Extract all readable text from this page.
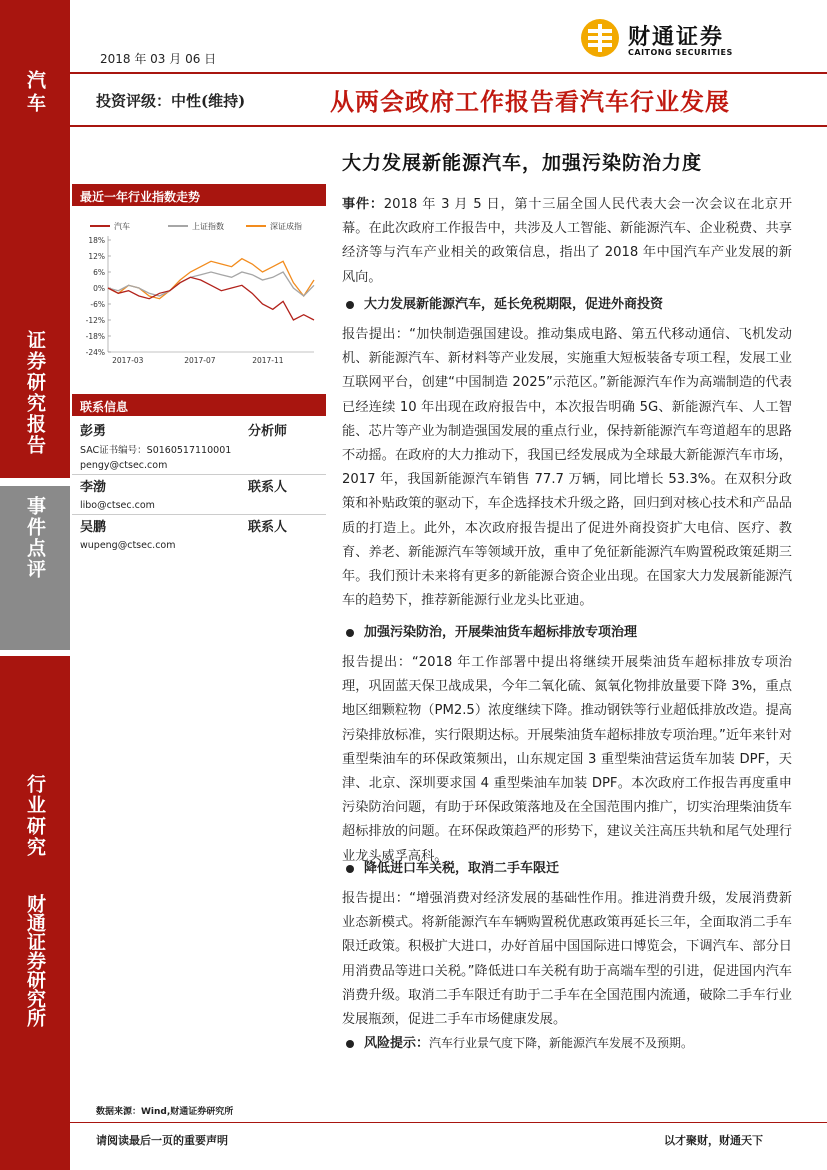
汽车
证券研究报告
事件点评
行业研究
财通证券研究所
2018 年 03 月 06 日
财通证券
CAITONG SECURITIES
投资评级：中性(维持)	从两会政府工作报告看汽车行业发展
大力发展新能源汽车，加强污染防治力度
最近一年行业指数走势
汽车	上证指数	深证成指
18%
12%
6%
0%
-6%
-12%
-18%
-24%
2017-03	2017-07	2017-11
联系信息
彭勇	分析师
SAC证书编号：S0160517110001
pengy@ctsec.com
李渤	联系人
libo@ctsec.com
吴鹏	联系人
wupeng@ctsec.com
事件：2018 年 3 月 5 日，第十三届全国人民代表大会一次会议在北京开幕。在此次政府工作报告中，共涉及人工智能、新能源汽车、企业税费、共享经济等与汽车产业相关的政策信息，指出了 2018 年中国汽车产业发展的新风向。
大力发展新能源汽车，延长免税期限，促进外商投资
报告提出：“加快制造强国建设。推动集成电路、第五代移动通信、飞机发动机、新能源汽车、新材料等产业发展，实施重大短板装备专项工程，发展工业互联网平台，创建“中国制造 2025”示范区。”新能源汽车作为高端制造的代表已经连续 10 年出现在政府报告中，本次报告明确 5G、新能源汽车、人工智能、芯片等产业为制造强国发展的重点行业，保持新能源汽车弯道超车的思路不动摇。在政府的大力推动下，我国已经发展成为全球最大新能源汽车市场，2017 年，我国新能源汽车销售 77.7 万辆，同比增长 53.3%。在双积分政策和补贴政策的驱动下，车企选择技术升级之路，回归到对核心技术和产品品质的打造上。此外，本次政府报告提出了促进外商投资扩大电信、医疗、教育、养老、新能源汽车等领域开放，重申了免征新能源汽车购置税政策延期三年。我们预计未来将有更多的新能源合资企业出现。在国家大力发展新能源汽车的趋势下，推荐新能源行业龙头比亚迪。
加强污染防治，开展柴油货车超标排放专项治理
报告提出：“2018 年工作部署中提出将继续开展柴油货车超标排放专项治理，巩固蓝天保卫战成果，今年二氧化硫、氮氧化物排放量要下降 3%，重点地区细颗粒物（PM2.5）浓度继续下降。推动钢铁等行业超低排放改造。提高污染排放标准，实行限期达标。开展柴油货车超标排放专项治理。”近年来针对重型柴油车的环保政策频出，山东规定国 3 重型柴油营运货车加装 DPF，天津、北京、深圳要求国 4 重型柴油车加装 DPF。本次政府工作报告再度重申污染防治问题，有助于环保政策落地及在全国范围内推广，切实治理柴油货车超标排放的问题。在环保政策趋严的形势下，建议关注高压共轨和尾气处理行业龙头威孚高科。
降低进口车关税，取消二手车限迁
报告提出：“增强消费对经济发展的基础性作用。推进消费升级，发展消费新业态新模式。将新能源汽车车辆购置税优惠政策再延长三年，全面取消二手车限迁政策。积极扩大进口，办好首届中国国际进口博览会，下调汽车、部分日用消费品等进口关税。”降低进口车关税有助于高端车型的引进，促进国内汽车消费升级。取消二手车限迁有助于二手车在全国范围内流通，破除二手车行业发展瓶颈，促进二手车市场健康发展。
风险提示：汽车行业景气度下降，新能源汽车发展不及预期。
数据来源：Wind,财通证券研究所
请阅读最后一页的重要声明	以才聚财，财通天下
